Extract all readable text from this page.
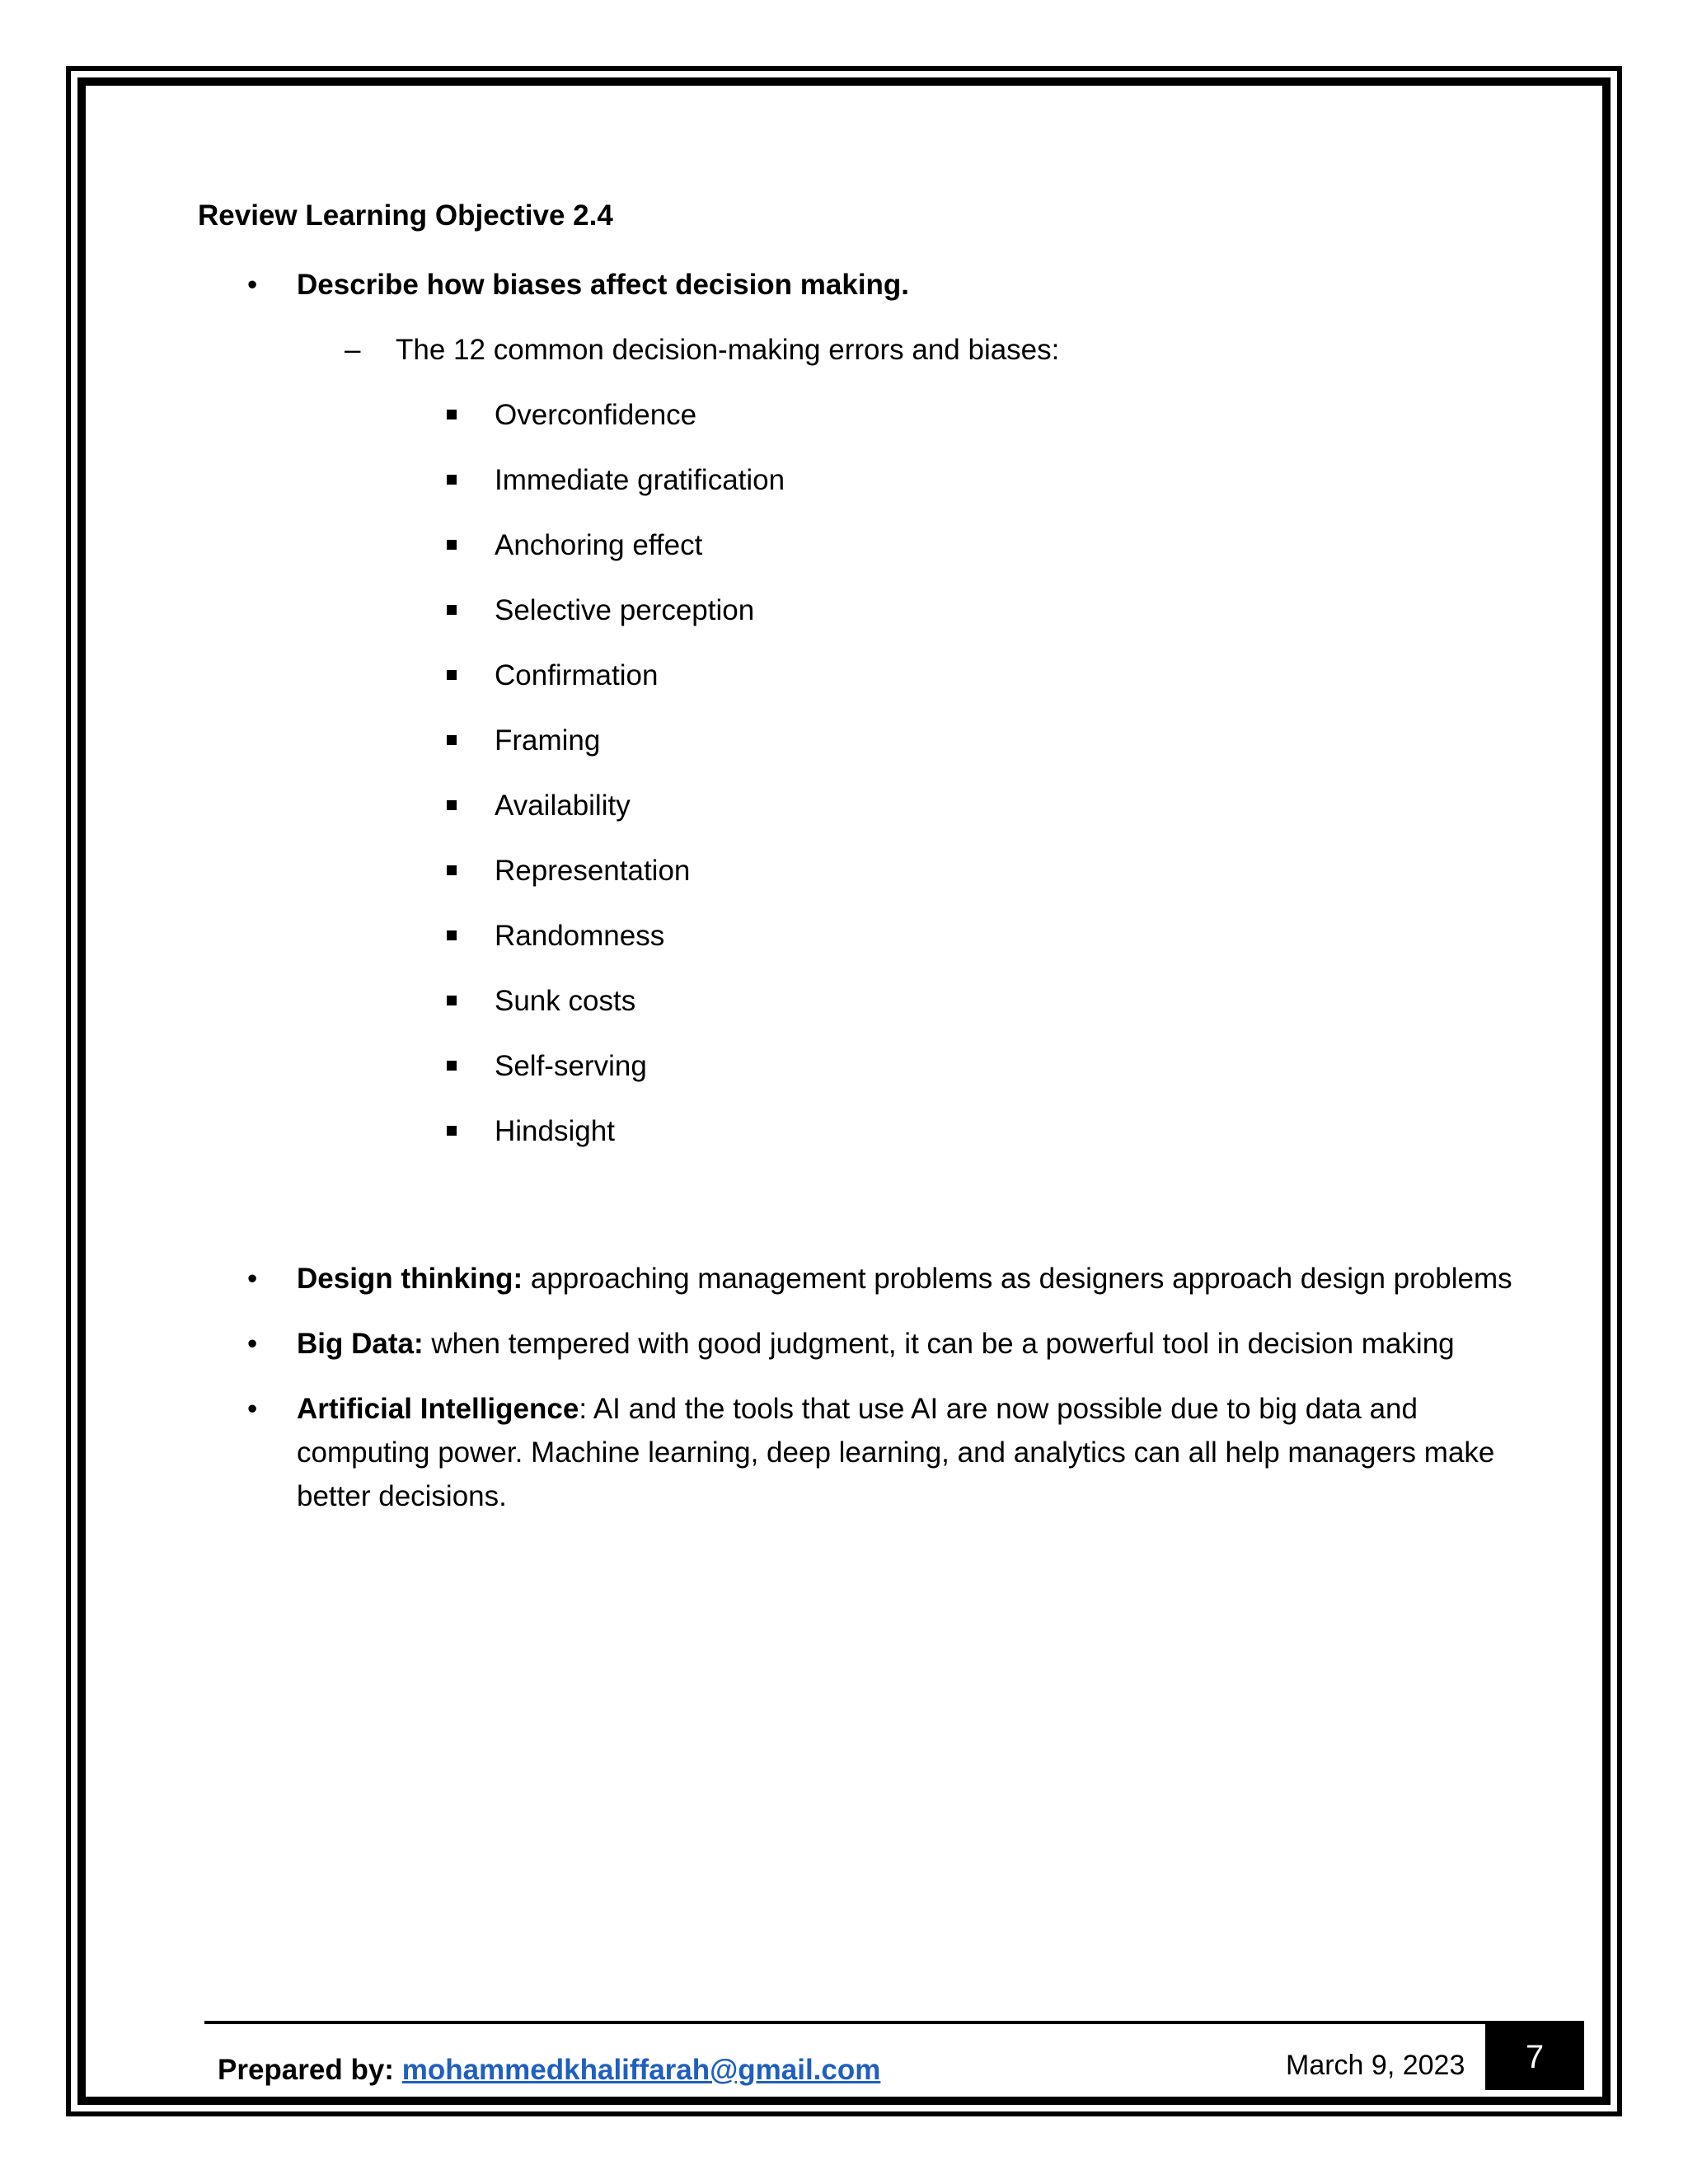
Review Learning Objective 2.4
• Describe how biases affect decision making.
– The 12 common decision-making errors and biases:
Overconfidence
Immediate gratification
Anchoring effect
Selective perception
Confirmation
Framing
Availability
Representation
Randomness
Sunk costs
Self-serving
Hindsight
• Design thinking: approaching management problems as designers approach design problems
• Big Data: when tempered with good judgment, it can be a powerful tool in decision making
• Artificial Intelligence: AI and the tools that use AI are now possible due to big data and computing power. Machine learning, deep learning, and analytics can all help managers make better decisions.
Prepared by: mohammedkhaliffarah@gmail.com	March 9, 2023	7
